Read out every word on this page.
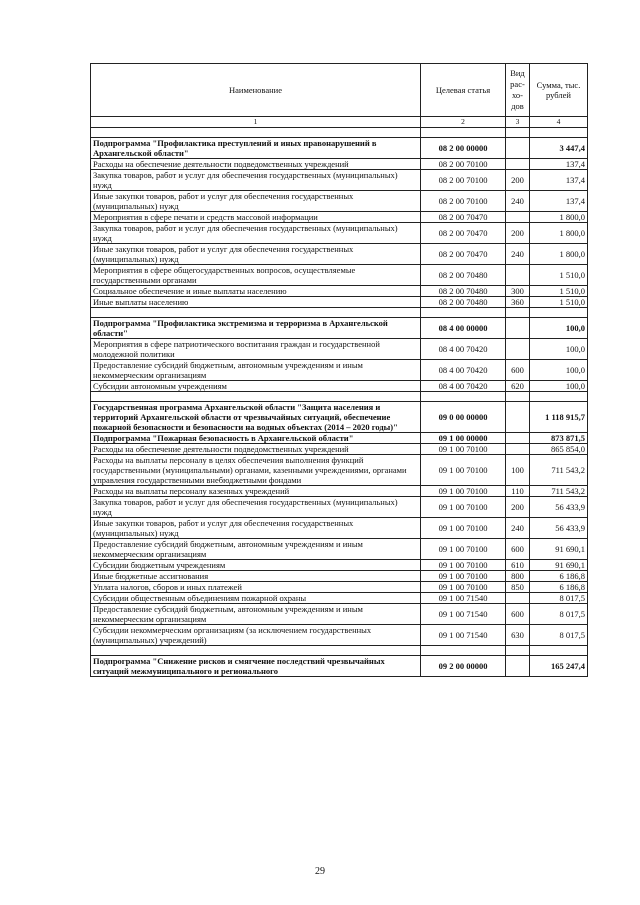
Наименование	Целевая статья	Вид рас-хо-дов	Сумма, тыс. рублей
1	2	3	4

Подпрограмма "Профилактика преступлений и иных правонарушений в Архангельской области"	08 2 00 00000		3 447,4
Расходы на обеспечение деятельности подведомственных учреждений	08 2 00 70100		137,4
Закупка товаров, работ и услуг для обеспечения государственных (муниципальных) нужд	08 2 00 70100	200	137,4
Иные закупки товаров, работ и услуг для обеспечения государственных (муниципальных) нужд	08 2 00 70100	240	137,4
Мероприятия в сфере печати и средств массовой информации	08 2 00 70470		1 800,0
Закупка товаров, работ и услуг для обеспечения государственных (муниципальных) нужд	08 2 00 70470	200	1 800,0
Иные закупки товаров, работ и услуг для обеспечения государственных (муниципальных) нужд	08 2 00 70470	240	1 800,0
Мероприятия в сфере общегосударственных вопросов, осуществляемые государственными органами	08 2 00 70480		1 510,0
Социальное обеспечение и иные выплаты населению	08 2 00 70480	300	1 510,0
Иные выплаты населению	08 2 00 70480	360	1 510,0

Подпрограмма "Профилактика экстремизма и терроризма в Архангельской области"	08 4 00 00000		100,0
Мероприятия в сфере патриотического воспитания граждан и государственной молодежной политики	08 4 00 70420		100,0
Предоставление субсидий бюджетным, автономным учреждениям и иным некоммерческим организациям	08 4 00 70420	600	100,0
Субсидии автономным учреждениям	08 4 00 70420	620	100,0

Государственная программа Архангельской области "Защита населения и территорий Архангельской области от чрезвычайных ситуаций, обеспечение пожарной безопасности и безопасности на водных объектах (2014 – 2020 годы)"	09 0 00 00000		1 118 915,7
Подпрограмма "Пожарная безопасность в Архангельской области"	09 1 00 00000		873 871,5
Расходы на обеспечение деятельности подведомственных учреждений	09 1 00 70100		865 854,0
Расходы на выплаты персоналу в целях обеспечения выполнения функций государственными (муниципальными) органами, казенными учреждениями, органами управления государственными внебюджетными фондами	09 1 00 70100	100	711 543,2
Расходы на выплаты персоналу казенных учреждений	09 1 00 70100	110	711 543,2
Закупка товаров, работ и услуг для обеспечения государственных (муниципальных) нужд	09 1 00 70100	200	56 433,9
Иные закупки товаров, работ и услуг для обеспечения государственных (муниципальных) нужд	09 1 00 70100	240	56 433,9
Предоставление субсидий бюджетным, автономным учреждениям и иным некоммерческим организациям	09 1 00 70100	600	91 690,1
Субсидии бюджетным учреждениям	09 1 00 70100	610	91 690,1
Иные бюджетные ассигнования	09 1 00 70100	800	6 186,8
Уплата налогов, сборов и иных платежей	09 1 00 70100	850	6 186,8
Субсидии общественным объединениям пожарной охраны	09 1 00 71540		8 017,5
Предоставление субсидий бюджетным, автономным учреждениям и иным некоммерческим организациям	09 1 00 71540	600	8 017,5
Субсидии некоммерческим организациям (за исключением государственных (муниципальных) учреждений)	09 1 00 71540	630	8 017,5

Подпрограмма "Снижение рисков и смягчение последствий чрезвычайных ситуаций межмуниципального и регионального	09 2 00 00000		165 247,4
29
